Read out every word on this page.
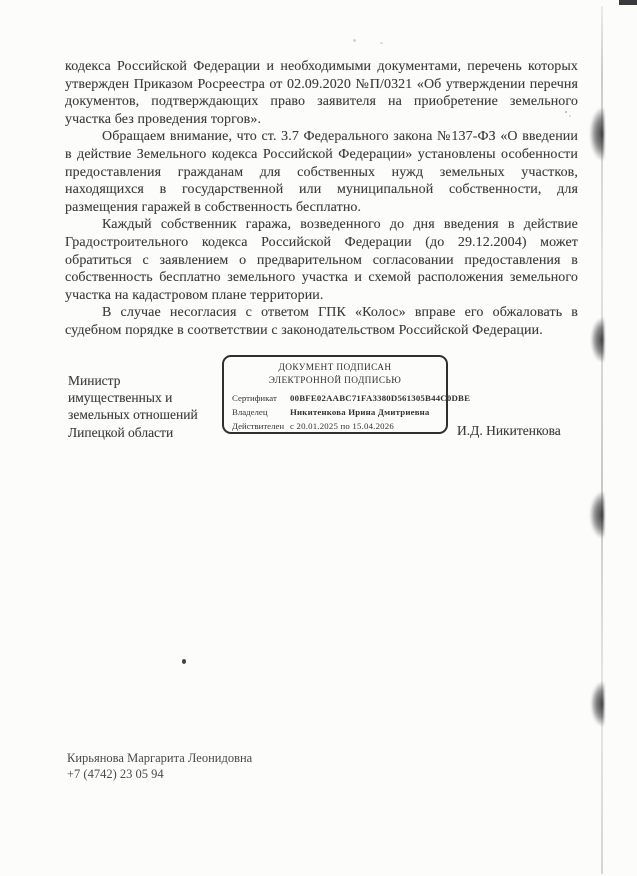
кодекса Российской Федерации и необходимыми документами, перечень которых
утвержден Приказом Росреестра от 02.09.2020 №П/0321 «Об утверждении перечня
документов, подтверждающих право заявителя на приобретение земельного
участка без проведения торгов».
Обращаем внимание, что ст. 3.7 Федерального закона №137-ФЗ «О введении
в действие Земельного кодекса Российской Федерации» установлены особенности
предоставления гражданам для собственных нужд земельных участков,
находящихся в государственной или муниципальной собственности, для
размещения гаражей в собственность бесплатно.
Каждый собственник гаража, возведенного до дня введения в действие
Градостроительного кодекса Российской Федерации (до 29.12.2004) может
обратиться с заявлением о предварительном согласовании предоставления в
собственность бесплатно земельного участка и схемой расположения земельного
участка на кадастровом плане территории.
В случае несогласия с ответом ГПК «Колос» вправе его обжаловать в
судебном порядке в соответствии с законодательством Российской Федерации.
Министр
имущественных и
земельных отношений
Липецкой области
ДОКУМЕНТ ПОДПИСАН
ЭЛЕКТРОННОЙ ПОДПИСЬЮ
Сертификат 00BFE02AABC71FA3380D561305B44C0DBE
Владелец	Никитенкова Ирина Дмитриевна
Действителен с 20.01.2025 по 15.04.2026	И.Д. Никитенкова
Кирьянова Маргарита Леонидовна
+7 (4742) 23 05 94
